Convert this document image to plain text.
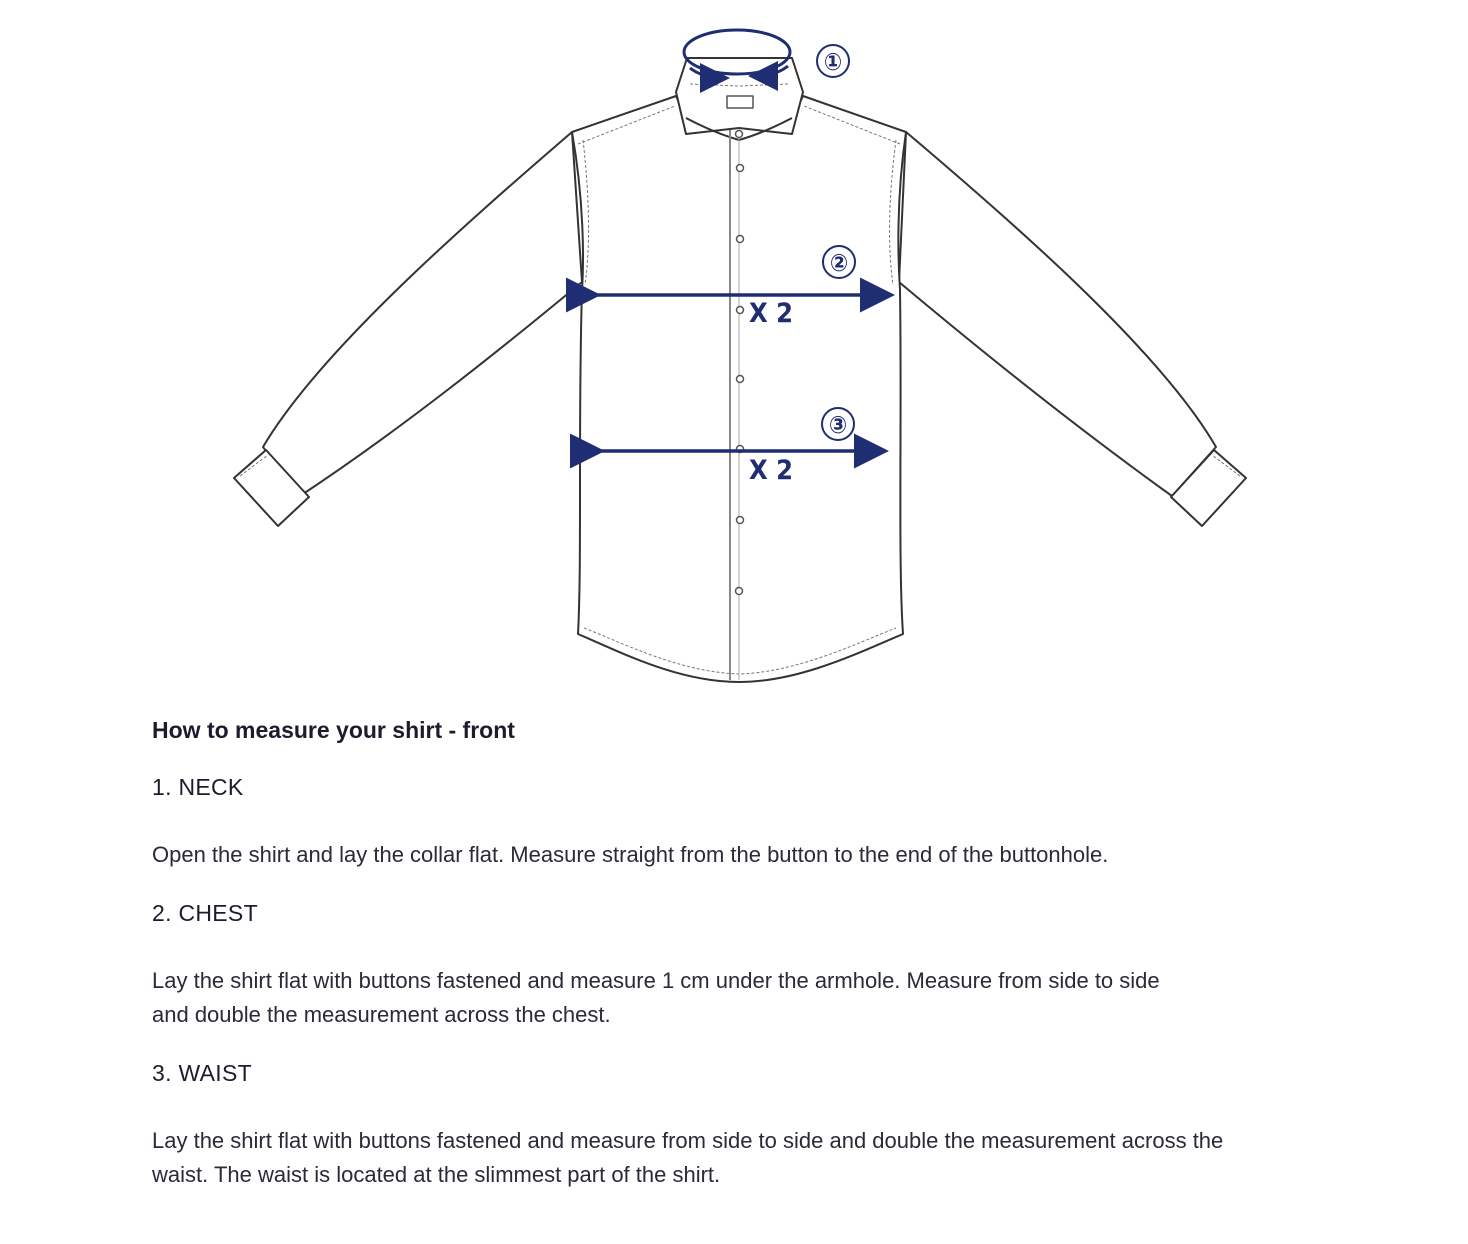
①
②
X 2
③
X 2

How to measure your shirt - front

1. NECK

Open the shirt and lay the collar flat. Measure straight from the button to the end of the buttonhole.

2. CHEST

Lay the shirt flat with buttons fastened and measure 1 cm under the armhole. Measure from side to side

and double the measurement across the chest.

3. WAIST

Lay the shirt flat with buttons fastened and measure from side to side and double the measurement across the

waist. The waist is located at the slimmest part of the shirt.
